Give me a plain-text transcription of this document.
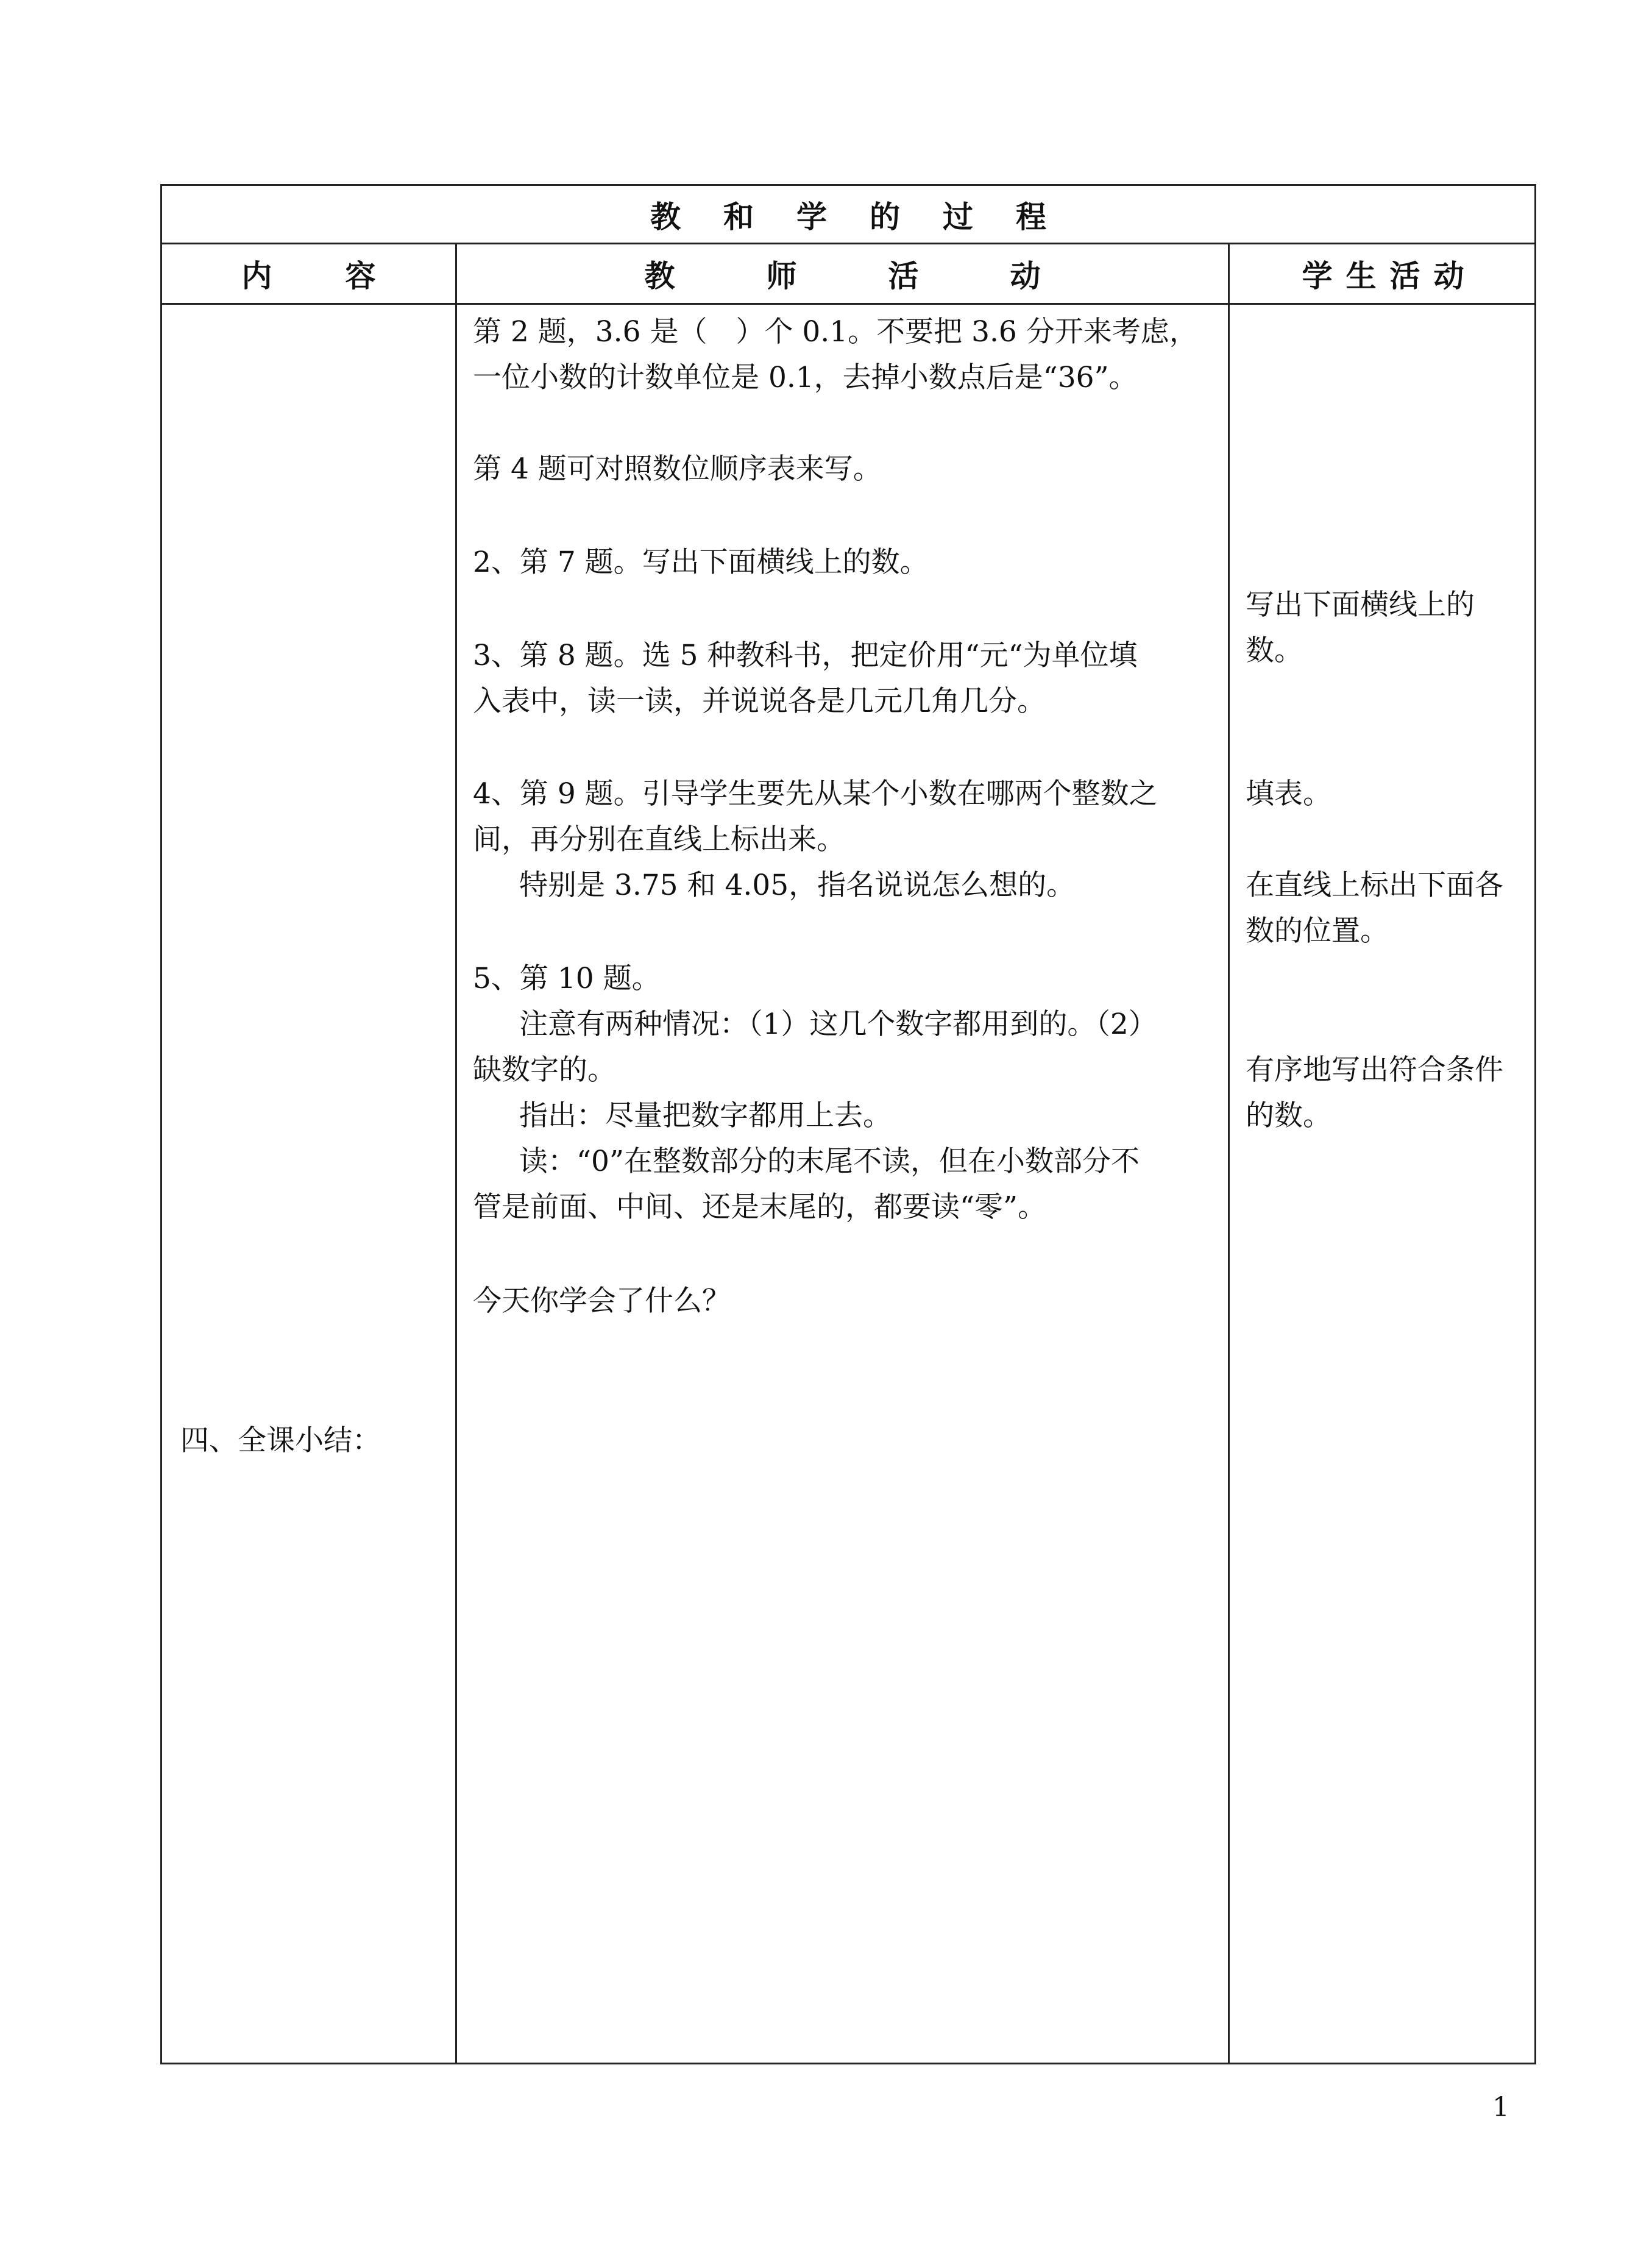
教和学的过程
内容	教师活动	学生活动
第 2 题，3.6 是（　）个 0.1。不要把 3.6 分开来考虑，
一位小数的计数单位是 0.1，去掉小数点后是“36”。
第 4 题可对照数位顺序表来写。
2、第 7 题。写出下面横线上的数。
3、第 8 题。选 5 种教科书，把定价用“元“为单位填
入表中，读一读，并说说各是几元几角几分。
4、第 9 题。引导学生要先从某个小数在哪两个整数之
间，再分别在直线上标出来。
特别是 3.75 和 4.05，指名说说怎么想的。
5、第 10 题。
注意有两种情况：（1）这几个数字都用到的。（2）
缺数字的。
指出：尽量把数字都用上去。
读：“0”在整数部分的末尾不读，但在小数部分不
管是前面、中间、还是末尾的，都要读“零”。
今天你学会了什么？
写出下面横线上的数。
填表。
在直线上标出下面各数的位置。
有序地写出符合条件的数。
四、全课小结：
1
